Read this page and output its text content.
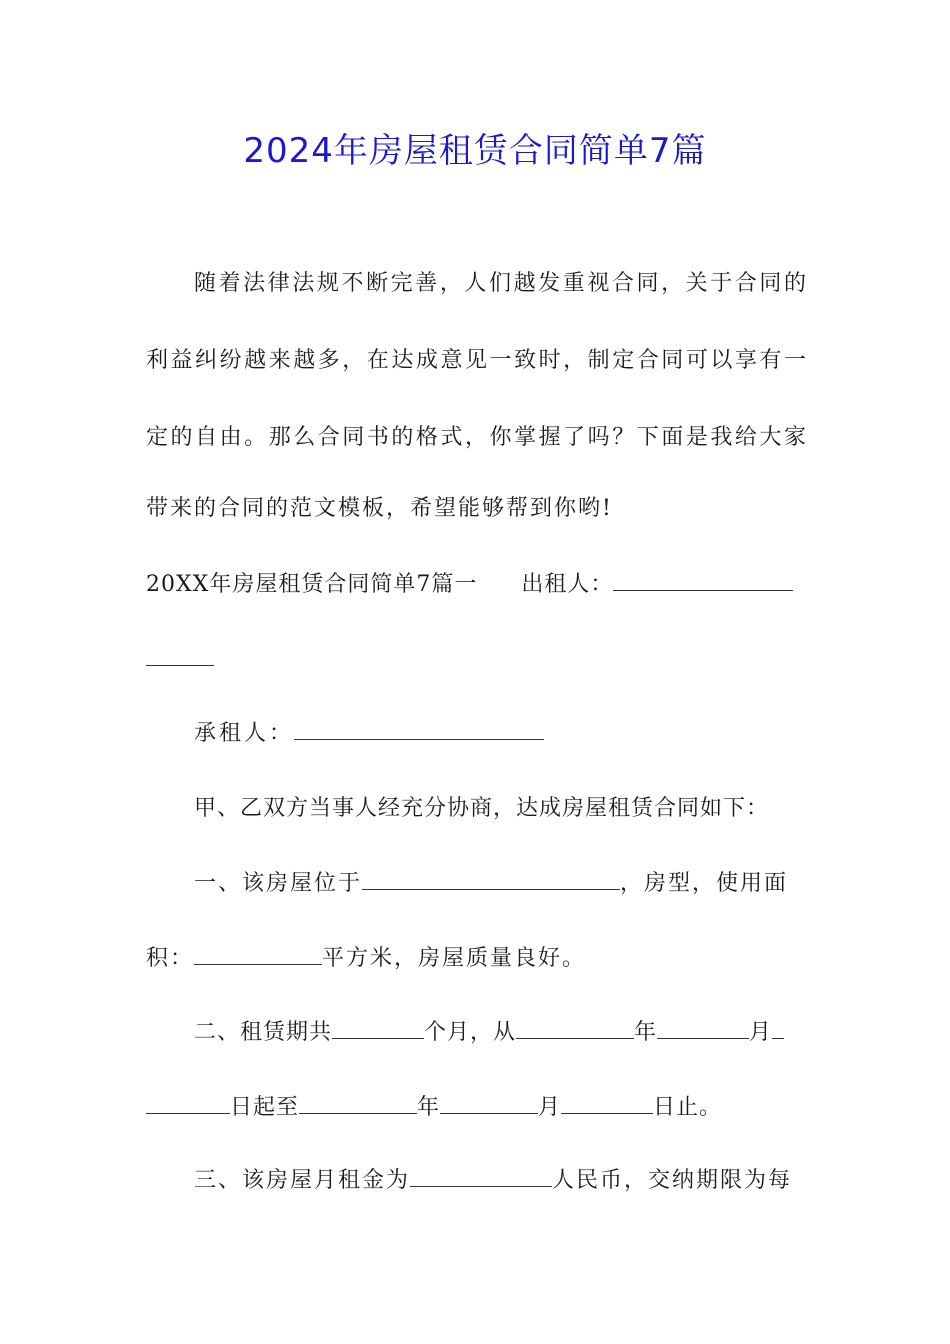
2024年房屋租赁合同简单7篇
随着法律法规不断完善，人们越发重视合同，关于合同的
利益纠纷越来越多，在达成意见一致时，制定合同可以享有一
定的自由。那么合同书的格式，你掌握了吗？下面是我给大家
带来的合同的范文模板，希望能够帮到你哟!
20XX年房屋租赁合同简单7篇一 出租人：
承租人：
甲、乙双方当事人经充分协商，达成房屋租赁合同如下：
一、该房屋位于	，房型，使用面
积：	平方米，房屋质量良好。
二、租赁期共	个月，从	年	月
日起至	年	月	日止。
三、该房屋月租金为	人民币，交纳期限为每
